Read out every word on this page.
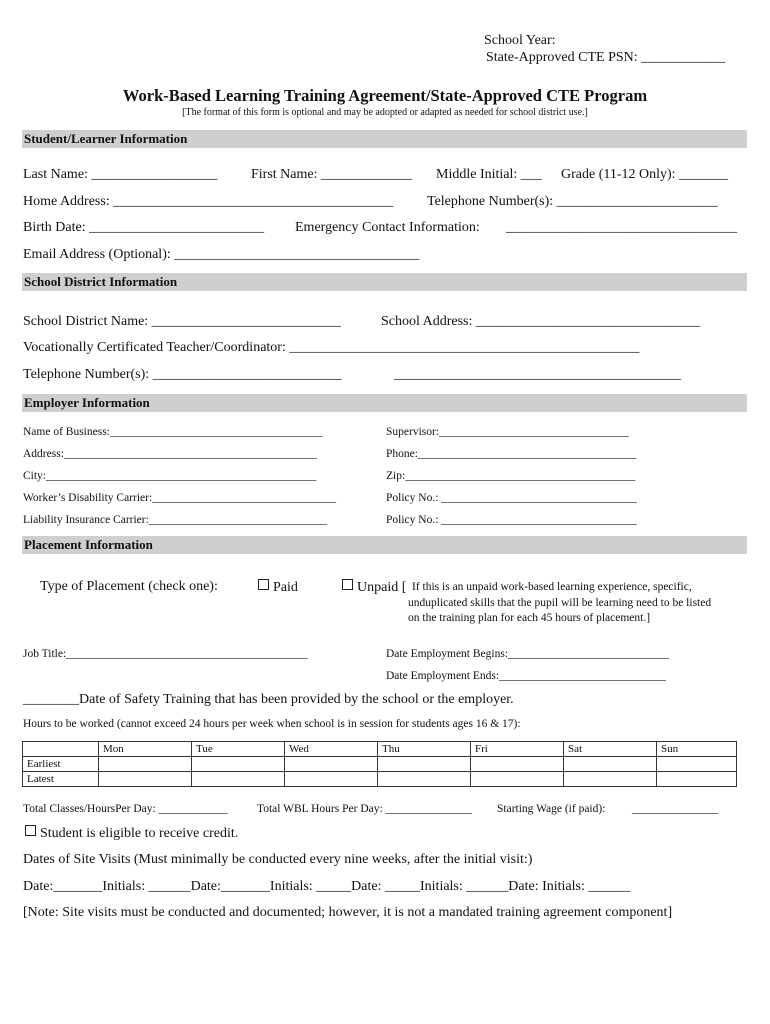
School Year:
State-Approved CTE PSN: ____________
Work-Based Learning Training Agreement/State-Approved CTE Program
[The format of this form is optional and may be adopted or adapted as needed for school district use.]
Student/Learner Information
Last Name: __________________ First Name: _____________ Middle Initial: ___ Grade (11-12 Only): _______
Home Address: ________________________________________ Telephone Number(s): _______________________
Birth Date: _________________________ Emergency Contact Information: _________________________________
Email Address (Optional): ___________________________________
School District Information
School District Name: ___________________________	School Address: ________________________________
Vocationally Certificated Teacher/Coordinator: __________________________________________________
Telephone Number(s): ___________________________	_________________________________________
Employer Information
Name of Business:_____________________________________	Supervisor:_________________________________
Address:____________________________________________	Phone:______________________________________
City:_______________________________________________	Zip:________________________________________
Worker’s Disability Carrier:________________________________	Policy No.: __________________________________
Liability Insurance Carrier:_______________________________	Policy No.: __________________________________
Placement Information
Type of Placement (check one):	Paid	Unpaid [ If this is an unpaid work-based learning experience, specific,
unduplicated skills that the pupil will be learning need to be listed
on the training plan for each 45 hours of placement.]
Job Title:__________________________________________	Date Employment Begins:____________________________
Date Employment Ends:_____________________________
________Date of Safety Training that has been provided by the school or the employer.
Hours to be worked (cannot exceed 24 hours per week when school is in session for students ages 16 & 17):
	Mon	Tue	Wed	Thu	Fri	Sat	Sun
Earliest							
Latest							
Total Classes/HoursPer Day: ____________	Total WBL Hours Per Day: _______________ Starting Wage (if paid): _______________
Student is eligible to receive credit.
Dates of Site Visits (Must minimally be conducted every nine weeks, after the initial visit:)
Date:_______Initials: ______Date:_______Initials: _____Date: _____Initials: ______Date: Initials: ______
[Note: Site visits must be conducted and documented; however, it is not a mandated training agreement component]
